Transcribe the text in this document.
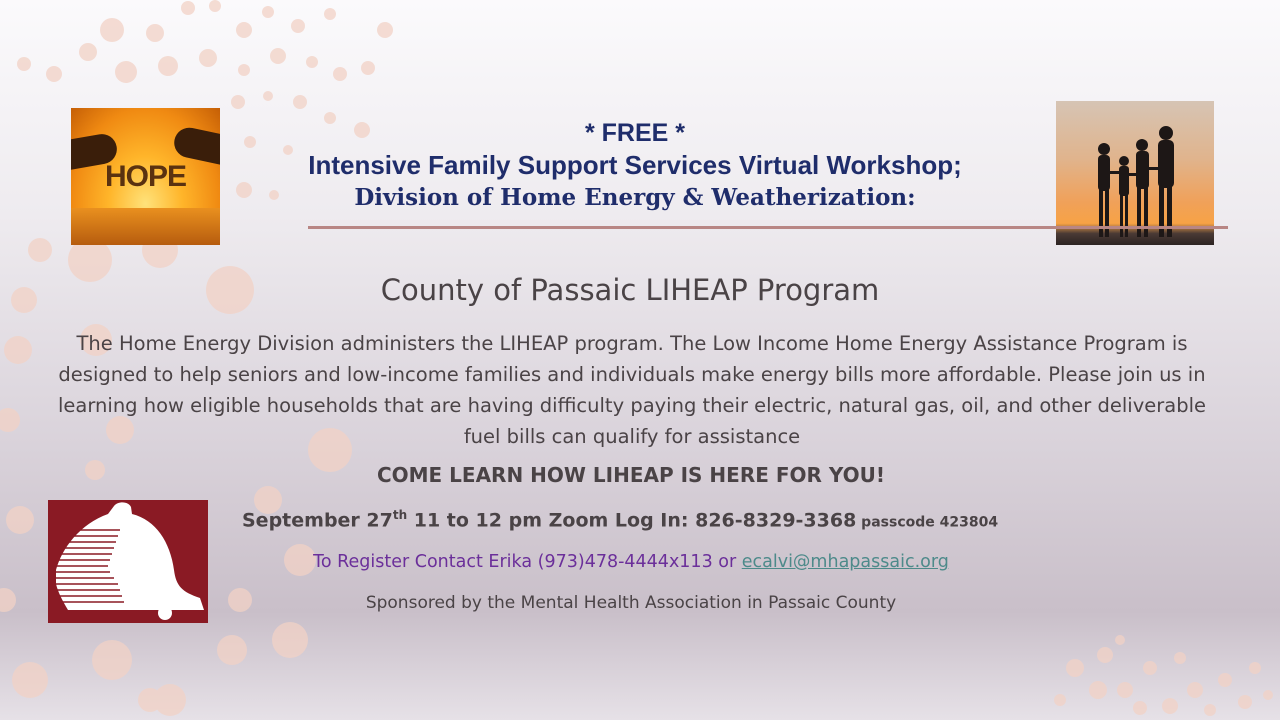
HOPE
* FREE *
Intensive Family Support Services Virtual Workshop;
Division of Home Energy & Weatherization:
County of Passaic LIHEAP Program
The Home Energy Division administers the LIHEAP program. The Low Income Home Energy Assistance Program is designed to help seniors and low-income families and individuals make energy bills more affordable. Please join us in learning how eligible households that are having difficulty paying their electric, natural gas, oil, and other deliverable fuel bills can qualify for assistance
COME LEARN HOW LIHEAP IS HERE FOR YOU!
September 27th 11 to 12 pm Zoom Log In: 826-8329-3368 passcode 423804
To Register Contact Erika (973)478-4444x113 or ecalvi@mhapassaic.org
Sponsored by the Mental Health Association in Passaic County
